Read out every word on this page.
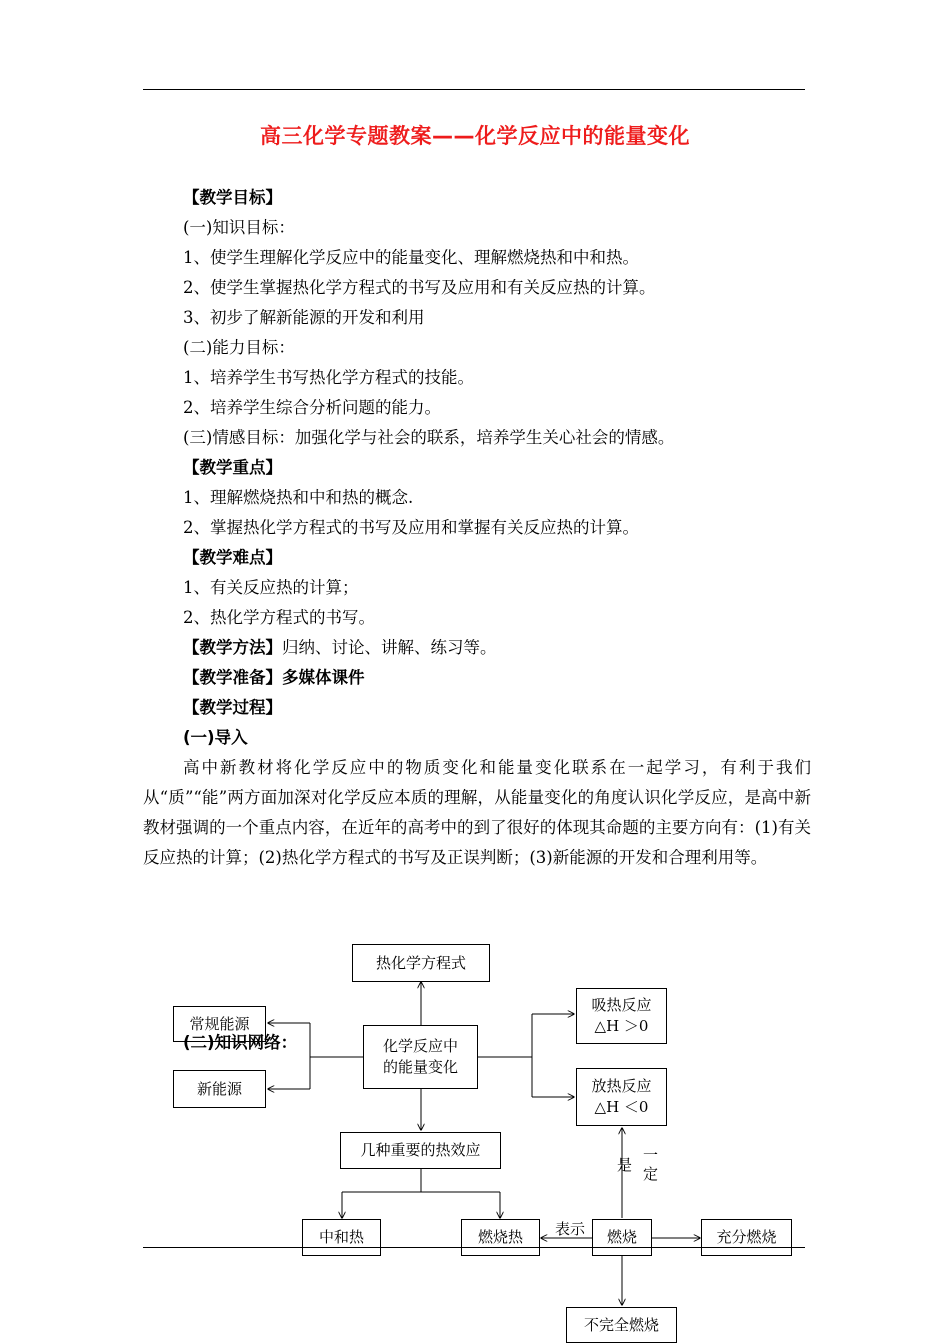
高三化学专题教案——化学反应中的能量变化
【教学目标】
(一)知识目标：
1、使学生理解化学反应中的能量变化、理解燃烧热和中和热。
2、使学生掌握热化学方程式的书写及应用和有关反应热的计算。
3、初步了解新能源的开发和利用
(二)能力目标：
1、培养学生书写热化学方程式的技能。
2、培养学生综合分析问题的能力。
(三)情感目标：加强化学与社会的联系，培养学生关心社会的情感。
【教学重点】
1、理解燃烧热和中和热的概念.
2、掌握热化学方程式的书写及应用和掌握有关反应热的计算。
【教学难点】
1、有关反应热的计算；
2、热化学方程式的书写。
【教学方法】归纳、讨论、讲解、练习等。
【教学准备】多媒体课件
【教学过程】
(一)导入
高中新教材将化学反应中的物质变化和能量变化联系在一起学习，有利于我们从“质”“能”两方面加深对化学反应本质的理解，从能量变化的角度认识化学反应，是高中新教材强调的一个重点内容，在近年的高考中的到了很好的体现其命题的主要方向有：(1)有关反应热的计算；(2)热化学方程式的书写及正误判断；(3)新能源的开发和合理利用等。
热化学方程式
常规能源
新能源
化学反应中
的能量变化
吸热反应
△H ＞0
放热反应
△H ＜0
几种重要的热效应
中和热	燃烧热	燃烧	充分燃烧
不完全燃烧
是
一
定
表示
(二)知识网络：
